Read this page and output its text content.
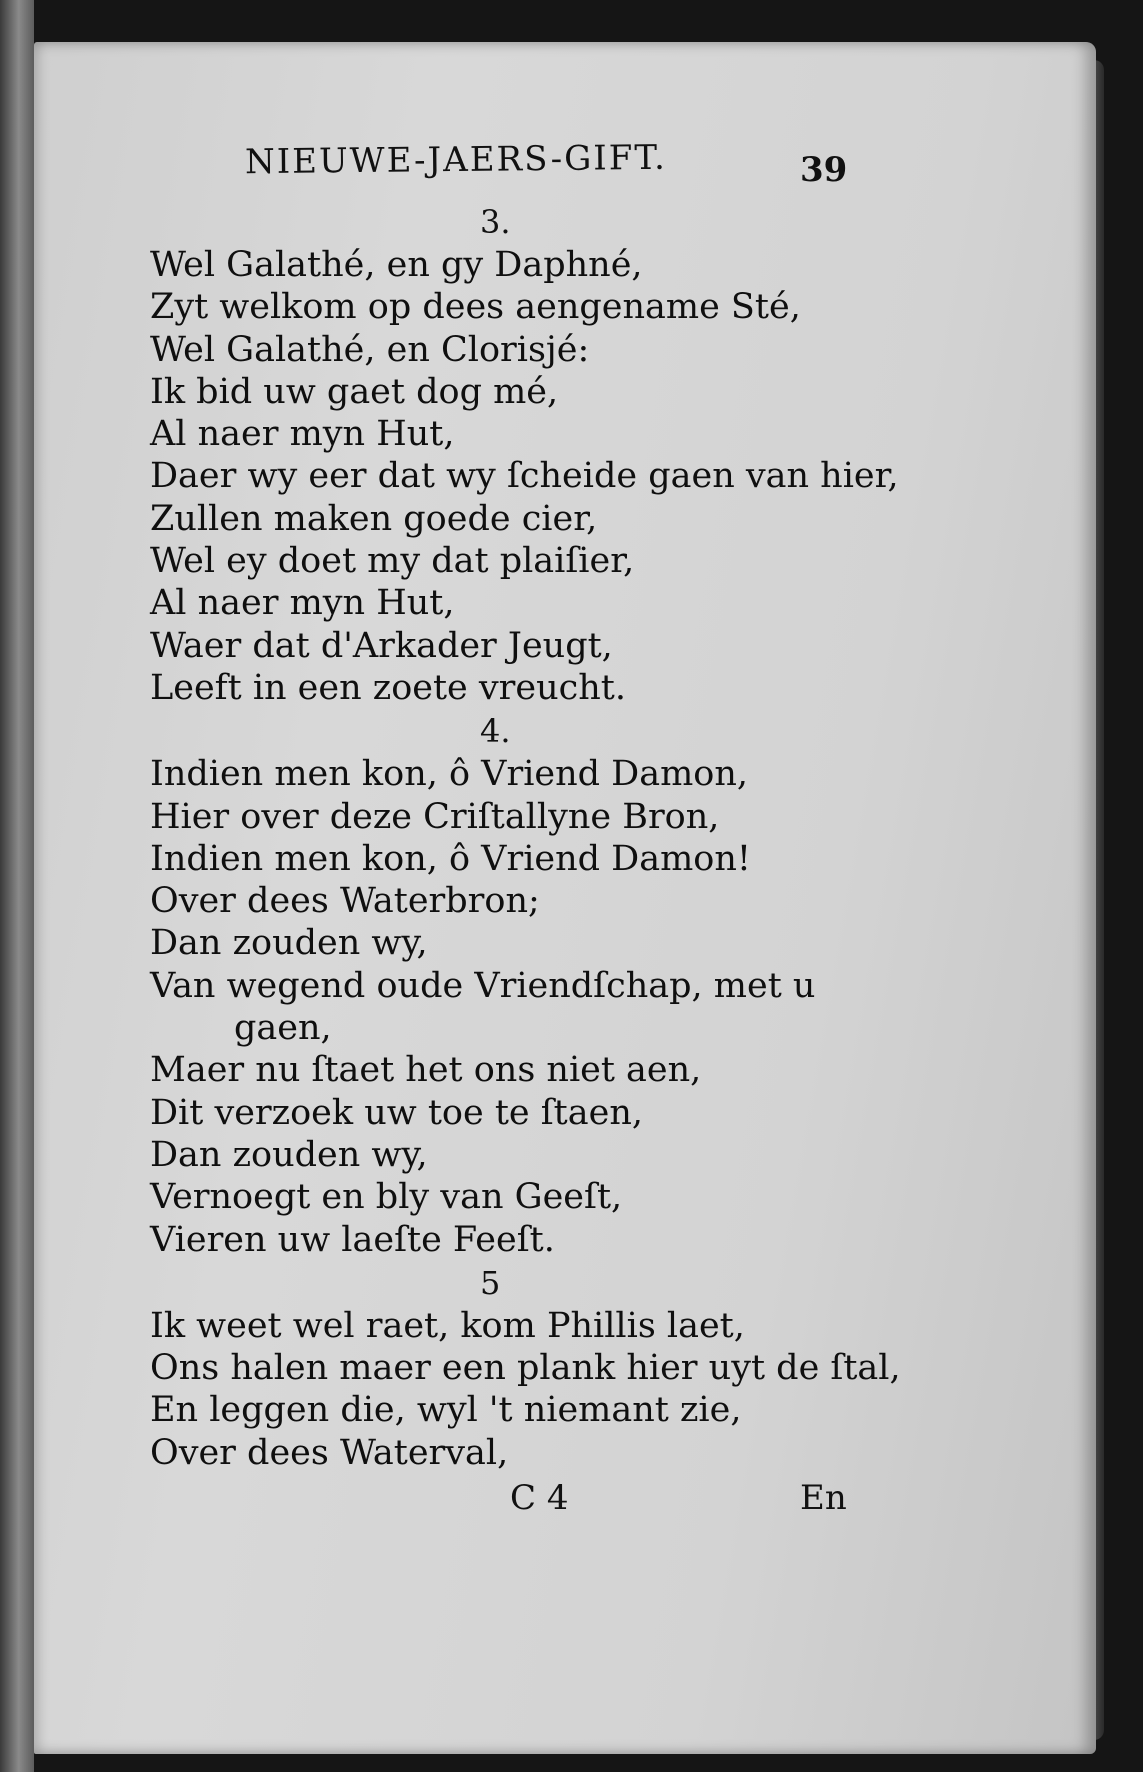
NIEUWE-JAERS-GIFT.	39
3.
Wel Galathé, en gy Daphné,
Zyt welkom op dees aengename Sté,
Wel Galathé, en Clorisjé:
Ik bid uw gaet dog mé,
Al naer myn Hut,
Daer wy eer dat wy ſcheide gaen van hier,
Zullen maken goede cier,
Wel ey doet my dat plaiſier,
Al naer myn Hut,
Waer dat d'Arkader Jeugt,
Leeft in een zoete vreucht.
4.
Indien men kon, ô Vriend Damon,
Hier over deze Criſtallyne Bron,
Indien men kon, ô Vriend Damon!
Over dees Waterbron;
Dan zouden wy,
Van wegend oude Vriendſchap, met u
gaen,
Maer nu ſtaet het ons niet aen,
Dit verzoek uw toe te ſtaen,
Dan zouden wy,
Vernoegt en bly van Geeſt,
Vieren uw laeſte Feeſt.
5
Ik weet wel raet, kom Phillis laet,
Ons halen maer een plank hier uyt de ſtal,
En leggen die, wyl 't niemant zie,
Over dees Waterval,
C 4	En
